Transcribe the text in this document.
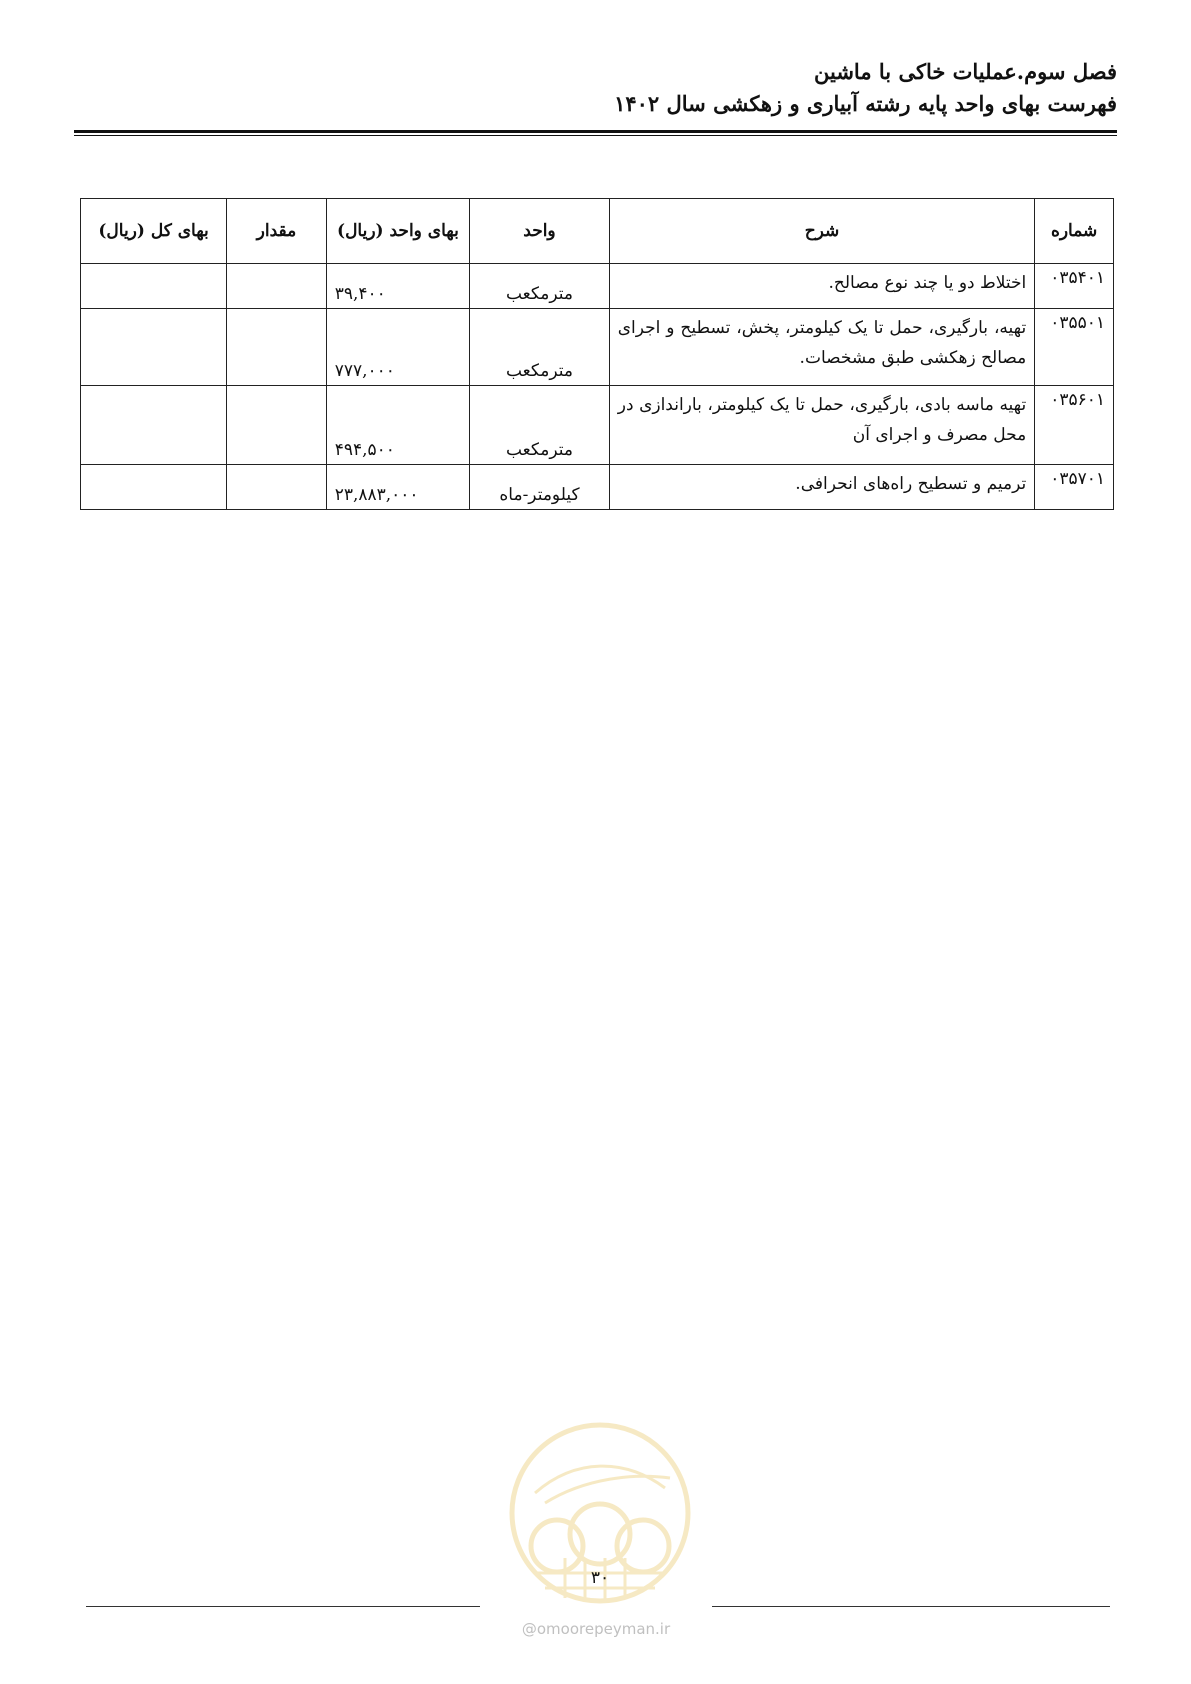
فصل سوم.عملیات خاکی با ماشین
فهرست بهای واحد پایه رشته آبیاری و زهکشی سال ۱۴۰۲
شماره	شرح	واحد	بهای واحد (ریال)	مقدار	بهای کل (ریال)
۰۳۵۴۰۱	اختلاط دو یا چند نوع مصالح.	مترمکعب	۳۹,۴۰۰		
۰۳۵۵۰۱	تهیه، بارگیری، حمل تا یک کیلومتر، پخش، تسطیح و اجرای مصالح زهکشی طبق مشخصات.	مترمکعب	۷۷۷,۰۰۰		
۰۳۵۶۰۱	تهیه ماسه بادی، بارگیری، حمل تا یک کیلومتر، باراندازی در محل مصرف و اجرای آن	مترمکعب	۴۹۴,۵۰۰		
۰۳۵۷۰۱	ترمیم و تسطیح راه‌های انحرافی.	کیلومتر-ماه	۲۳,۸۸۳,۰۰۰		
۳۰
@omoorepeyman.ir
